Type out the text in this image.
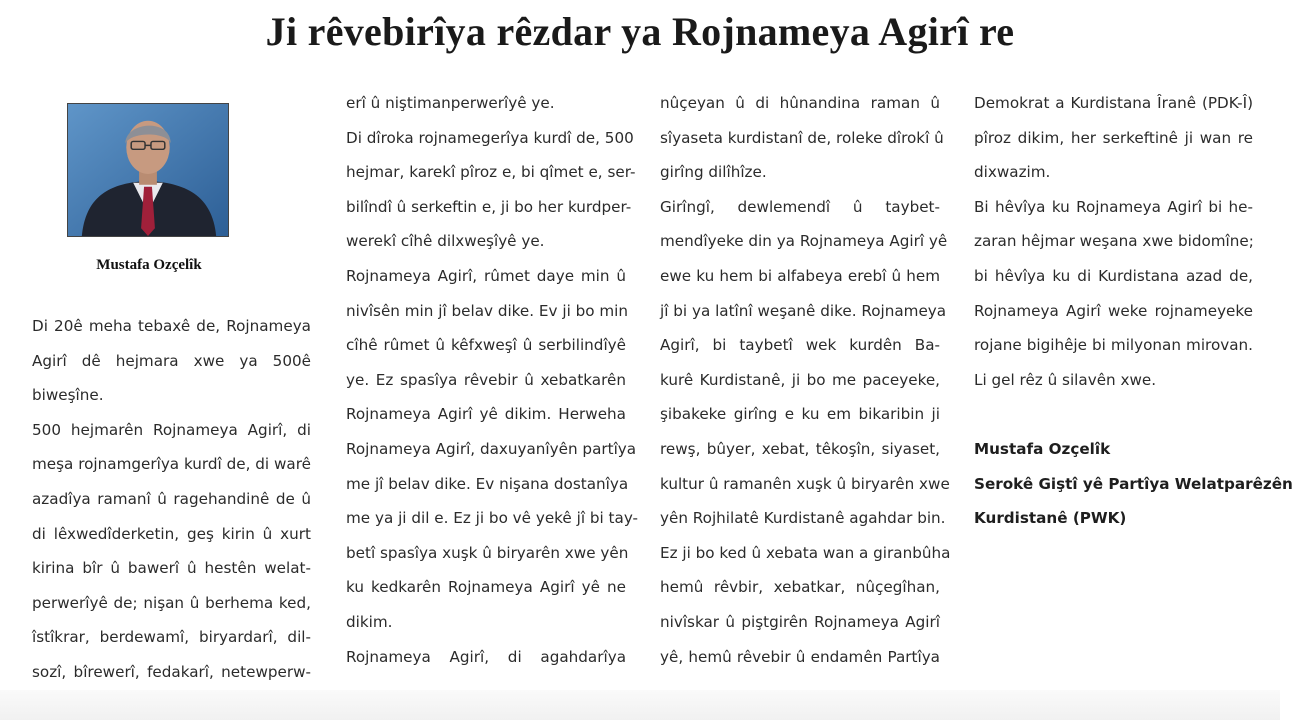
Ji rêvebirîya rêzdar ya Rojnameya Agirî re
Mustafa Ozçelîk
Di 20ê meha tebaxê de, Rojnameya
Agirî dê hejmara xwe ya 500ê
biweşîne.
500 hejmarên Rojnameya Agirî, di
meşa rojnamgerîya kurdî de, di warê
azadîya ramanî û ragehandinê de û
di lêxwedîderketin, geş kirin û xurt
kirina bîr û bawerî û hestên welat-
perwerîyê de; nişan û berhema ked,
îstîkrar, berdewamî, biryardarî, dil-
sozî, bîrewerî, fedakarî, netewperw-
erî û niştimanperwerîyê ye.
Di dîroka rojnamegerîya kurdî de, 500
hejmar, karekî pîroz e, bi qîmet e, ser-
bilîndî û serkeftin e, ji bo her kurdper-
werekî cîhê dilxweşîyê ye.
Rojnameya Agirî, rûmet daye min û
nivîsên min jî belav dike. Ev ji bo min
cîhê rûmet û kêfxweşî û serbilindîyê
ye. Ez spasîya rêvebir û xebatkarên
Rojnameya Agirî yê dikim. Herweha
Rojnameya Agirî, daxuyanîyên partîya
me jî belav dike. Ev nişana dostanîya
me ya ji dil e. Ez ji bo vê yekê jî bi tay-
betî spasîya xuşk û biryarên xwe yên
ku kedkarên Rojnameya Agirî yê ne
dikim.
Rojnameya Agirî, di agahdarîya
nûçeyan û di hûnandina raman û
sîyaseta kurdistanî de, roleke dîrokî û
girîng dilîhîze.
Girîngî, dewlemendî û taybet-
mendîyeke din ya Rojnameya Agirî yê
ewe ku hem bi alfabeya erebî û hem
jî bi ya latînî weşanê dike. Rojnameya
Agirî, bi taybetî wek kurdên Ba-
kurê Kurdistanê, ji bo me paceyeke,
şibakeke girîng e ku em bikaribin ji
rewş, bûyer, xebat, têkoşîn, siyaset,
kultur û ramanên xuşk û biryarên xwe
yên Rojhilatê Kurdistanê agahdar bin.
Ez ji bo ked û xebata wan a giranbûha
hemû rêvbir, xebatkar, nûçegîhan,
nivîskar û piştgirên Rojnameya Agirî
yê, hemû rêvebir û endamên Partîya
Demokrat a Kurdistana Îranê (PDK-Î)
pîroz dikim, her serkeftinê ji wan re
dixwazim.
Bi hêvîya ku Rojnameya Agirî bi he-
zaran hêjmar weşana xwe bidomîne;
bi hêvîya ku di Kurdistana azad de,
Rojnameya Agirî weke rojnameyeke
rojane bigihêje bi milyonan mirovan.
Li gel rêz û silavên xwe.
Mustafa Ozçelîk
Serokê Giştî yê Partîya Welatparêzên
Kurdistanê (PWK)
